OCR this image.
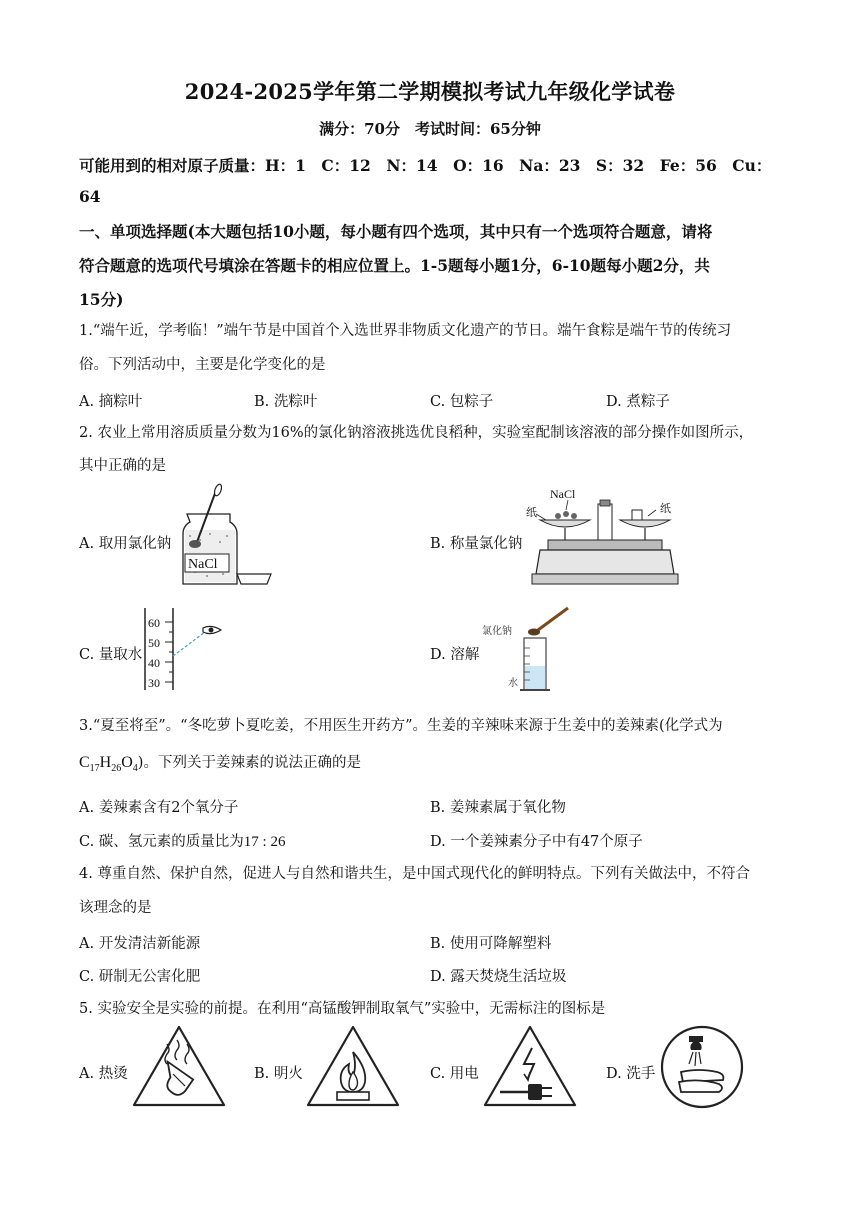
2024-2025学年第二学期模拟考试九年级化学试卷
满分：70分　考试时间：65分钟
可能用到的相对原子质量：H：1　C：12　N：14　O：16　Na：23　S：32　Fe：56　Cu：
64
一、单项选择题(本大题包括10小题，每小题有四个选项，其中只有一个选项符合题意，请将
符合题意的选项代号填涂在答题卡的相应位置上。1-5题每小题1分，6-10题每小题2分，共
15分)
1.“端午近，学考临！”端午节是中国首个入选世界非物质文化遗产的节日。端午食粽是端午节的传统习
俗。下列活动中，主要是化学变化的是
A. 摘粽叶	B. 洗粽叶	C. 包粽子	D. 煮粽子
2. 农业上常用溶质质量分数为16%的氯化钠溶液挑选优良稻种，实验室配制该溶液的部分操作如图所示，
其中正确的是
A. 取用氯化钠
NaCl
B. 称量氯化钠
NaCl
纸	纸
C. 量取水
60
50
40
30
D. 溶解
氯化钠
水
3.“夏至将至”。“冬吃萝卜夏吃姜，不用医生开药方”。生姜的辛辣味来源于生姜中的姜辣素(化学式为
$C_{17}H_{26}O_4$)。下列关于姜辣素的说法正确的是
A. 姜辣素含有2个氧分子	B. 姜辣素属于氧化物
C. 碳、氢元素的质量比为17 : 26	D. 一个姜辣素分子中有47个原子
4. 尊重自然、保护自然，促进人与自然和谐共生，是中国式现代化的鲜明特点。下列有关做法中，不符合
该理念的是
A. 开发清洁新能源	B. 使用可降解塑料
C. 研制无公害化肥	D. 露天焚烧生活垃圾
5. 实验安全是实验的前提。在利用“高锰酸钾制取氧气”实验中，无需标注的图标是
A. 热烫	B. 明火	C. 用电	D. 洗手
